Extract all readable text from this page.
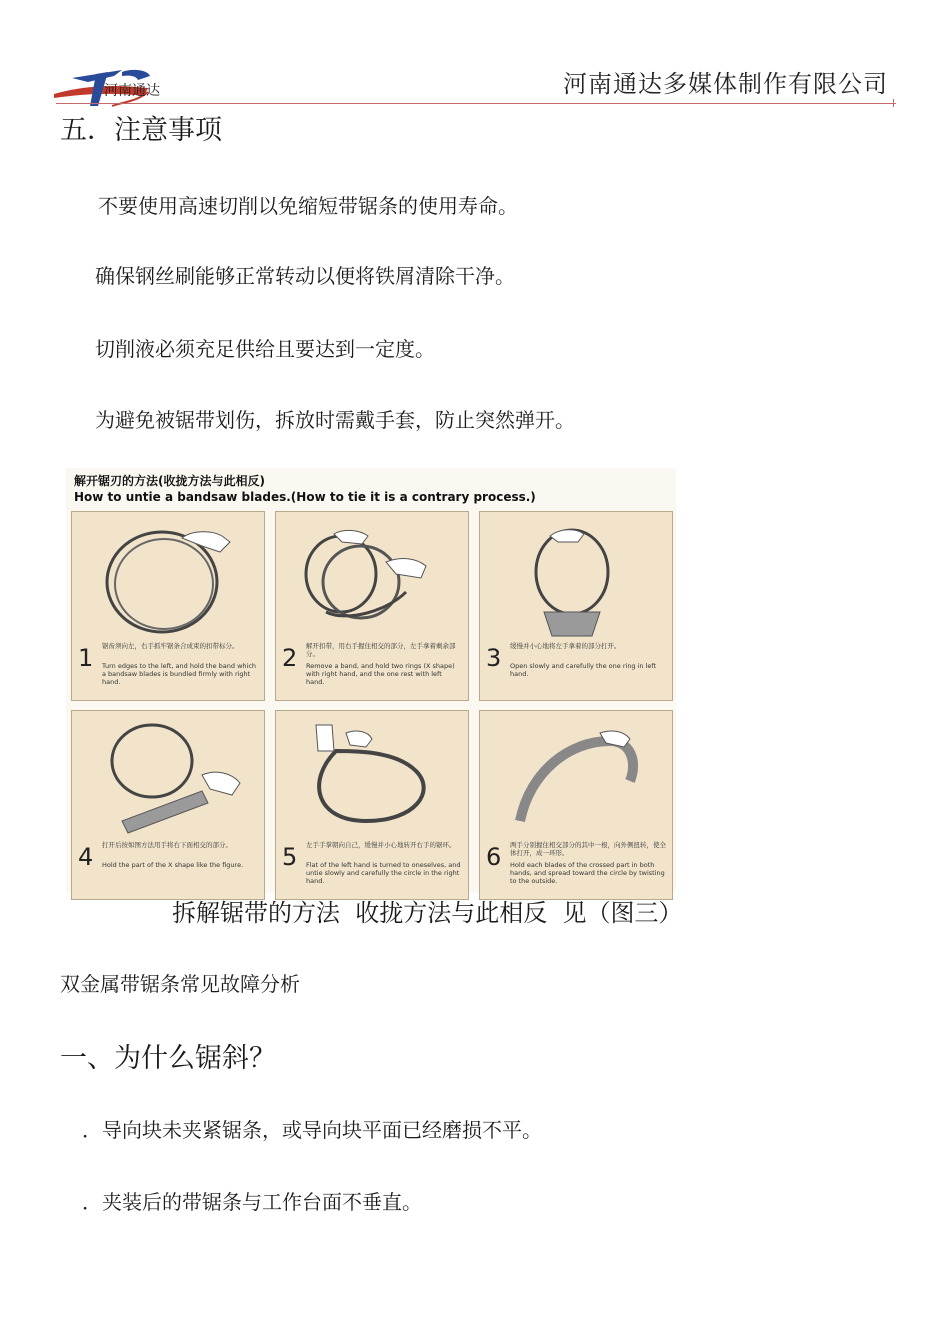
河南通达	河南通达多媒体制作有限公司
五．注意事项
不要使用高速切削以免缩短带锯条的使用寿命。
确保钢丝刷能够正常转动以便将铁屑清除干净。
切削液必须充足供给且要达到一定度。
为避免被锯带划伤，拆放时需戴手套，防止突然弹开。
解开锯刃的方法(收拢方法与此相反)
How to untie a bandsaw blades.(How to tie it is a contrary process.)
1 锯齿须向左，右手抓牢锯条合成束的扣带标分。
Turn edges to the left, and hold the band which a bandsaw blades is bundled firmly with right hand.
2 解开扣带，用右手握住相交的部分，左手拿着剩余部分。
Remove a band, and hold two rings (X shape) with right hand, and the one rest with left hand.
3 缓慢并小心地将左手拿着的部分打开。
Open slowly and carefully the one ring in left hand.
4 打开后按如图方法用手将右下面相交的部分。
Hold the part of the X shape like the figure.	5 左手手掌朝向自己，缓慢并小心地转开右手的锯环。
Flat of the left hand is turned to oneselves, and untie slowly and carefully the circle in the right hand.
6 两手分别握住相交部分的其中一根，向外侧扭转，使全体打开，成一环形。
Hold each blades of the crossed part in both hands, and spread toward the circle by twisting to the outside.
拆解锯带的方法  收拢方法与此相反  见（图三）
双金属带锯条常见故障分析
一、为什么锯斜？
．导向块未夹紧锯条，或导向块平面已经磨损不平。
．夹装后的带锯条与工作台面不垂直。
